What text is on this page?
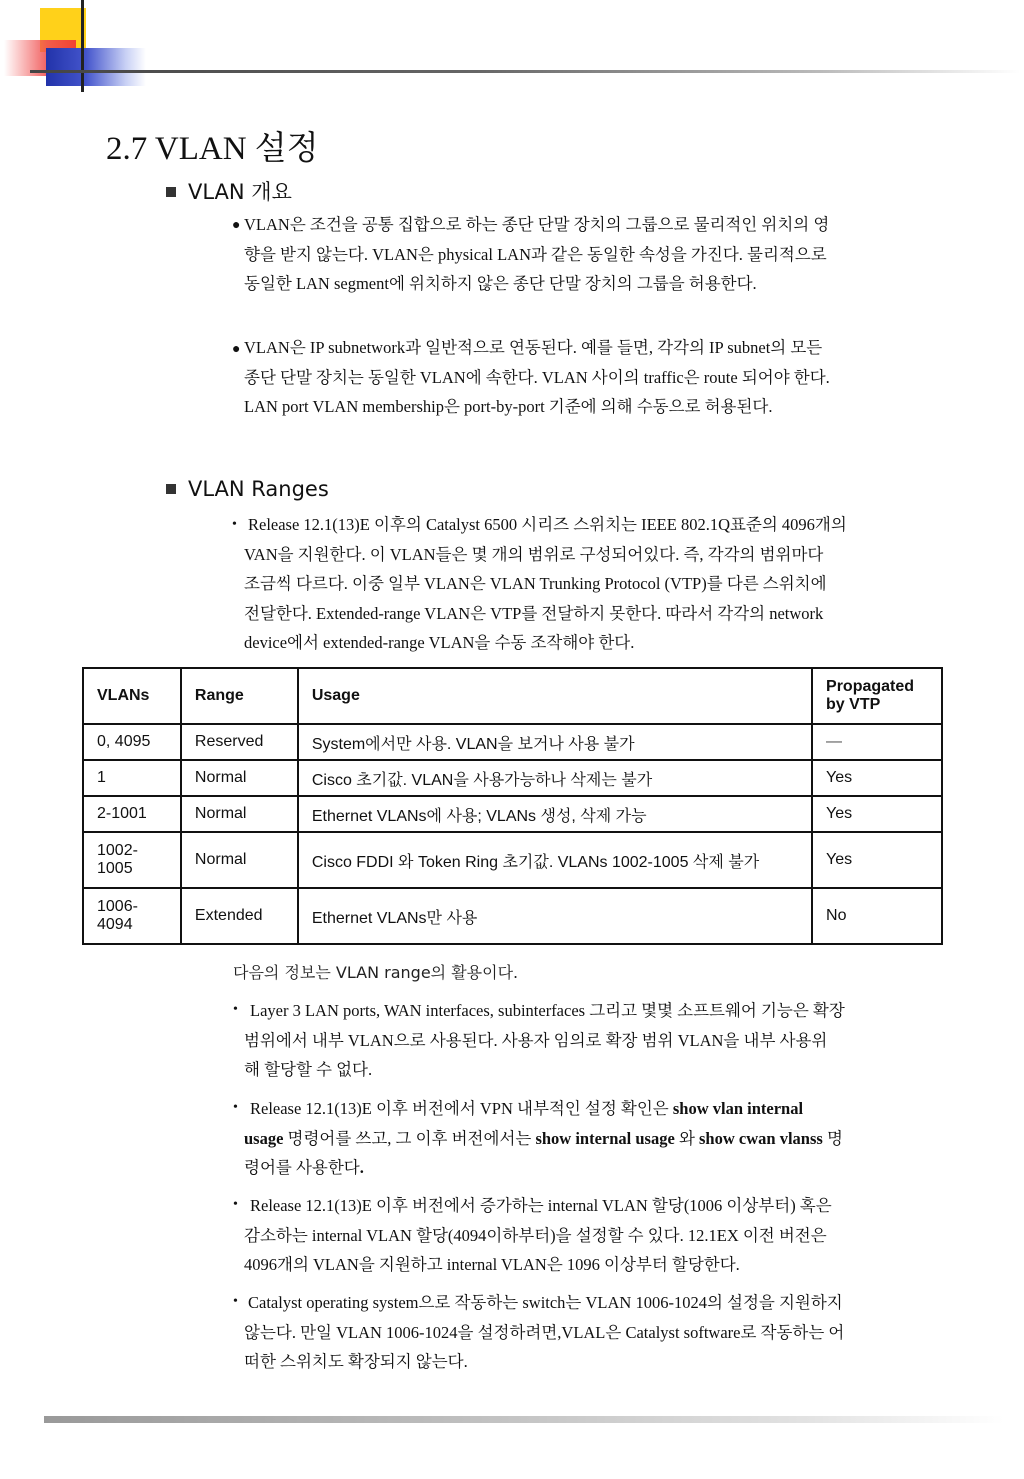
2.7 VLAN 설정
VLAN 개요
● VLAN은 조건을 공통 집합으로 하는 종단 단말 장치의 그룹으로 물리적인 위치의 영
향을 받지 않는다. VLAN은 physical LAN과 같은 동일한 속성을 가진다. 물리적으로
동일한 LAN segment에 위치하지 않은 종단 단말 장치의 그룹을 허용한다.
● VLAN은 IP subnetwork과 일반적으로 연동된다. 예를 들면, 각각의 IP subnet의 모든
종단 단말 장치는 동일한 VLAN에 속한다. VLAN 사이의 traffic은 route 되어야 한다.
LAN port VLAN membership은 port-by-port 기준에 의해 수동으로 허용된다.
VLAN Ranges
• Release 12.1(13)E 이후의 Catalyst 6500 시리즈 스위치는 IEEE 802.1Q표준의 4096개의
VAN을 지원한다. 이 VLAN들은 몇 개의 범위로 구성되어있다. 즉, 각각의 범위마다
조금씩 다르다. 이중 일부 VLAN은 VLAN Trunking Protocol (VTP)를 다른 스위치에
전달한다. Extended-range VLAN은 VTP를 전달하지 못한다. 따라서 각각의 network
device에서 extended-range VLAN을 수동 조작해야 한다.
VLANs	Range	Usage	Propagated
by VTP
0, 4095	Reserved	System에서만 사용. VLAN을 보거나 사용 불가	—
1	Normal	Cisco 초기값. VLAN을 사용가능하나 삭제는 불가	Yes
2-1001	Normal	Ethernet VLANs에 사용; VLANs 생성, 삭제 가능	Yes
1002-
1005	Normal	Cisco FDDI 와 Token Ring 초기값. VLANs 1002-1005 삭제 불가	Yes
1006-
4094	Extended	Ethernet VLANs만 사용	No
다음의 정보는 VLAN range의 활용이다.
• Layer 3 LAN ports, WAN interfaces, subinterfaces 그리고 몇몇 소프트웨어 기능은 확장
범위에서 내부 VLAN으로 사용된다. 사용자 임의로 확장 범위 VLAN을 내부 사용위
해 할당할 수 없다.
• Release 12.1(13)E 이후 버전에서 VPN 내부적인 설정 확인은 show vlan internal
usage 명령어를 쓰고, 그 이후 버전에서는 show internal usage 와 show cwan vlanss 명
령어를 사용한다.
• Release 12.1(13)E 이후 버전에서 증가하는 internal VLAN 할당(1006 이상부터) 혹은
감소하는 internal VLAN 할당(4094이하부터)을 설정할 수 있다. 12.1EX 이전 버전은
4096개의 VLAN을 지원하고 internal VLAN은 1096 이상부터 할당한다.
• Catalyst operating system으로 작동하는 switch는 VLAN 1006-1024의 설정을 지원하지
않는다. 만일 VLAN 1006-1024을 설정하려면,VLAL은 Catalyst software로 작동하는 어
떠한 스위치도 확장되지 않는다.
